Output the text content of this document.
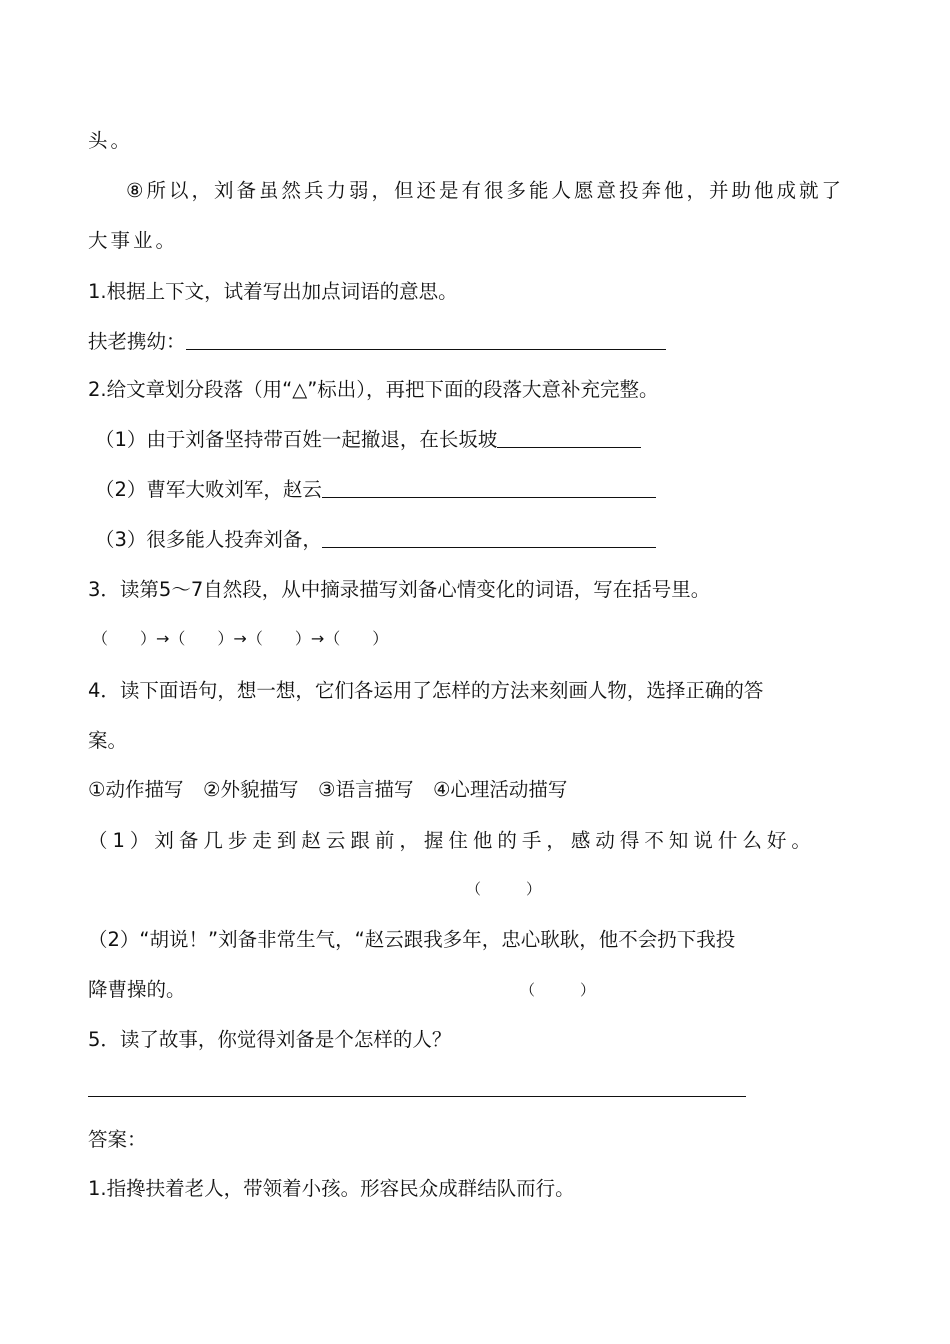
头。
⑧所以，刘备虽然兵力弱，但还是有很多能人愿意投奔他，并助他成就了
大事业。
1.根据上下文，试着写出加点词语的意思。
扶老携幼：
2.给文章划分段落（用“△”标出），再把下面的段落大意补充完整。
（1）由于刘备坚持带百姓一起撤退，在长坂坡
（2）曹军大败刘军，赵云
（3）很多能人投奔刘备，
3．读第5～7自然段，从中摘录描写刘备心情变化的词语，写在括号里。
（　　）→（　　）→（　　）→（　　）
4．读下面语句，想一想，它们各运用了怎样的方法来刻画人物，选择正确的答
案。
①动作描写　②外貌描写　③语言描写　④心理活动描写
（1）刘备几步走到赵云跟前，握住他的手，感动得不知说什么好。
（　　　）
（2）“胡说！”刘备非常生气，“赵云跟我多年，忠心耿耿，他不会扔下我投
降曹操的。	（　　　）
5．读了故事，你觉得刘备是个怎样的人？
答案：
1.指搀扶着老人，带领着小孩。形容民众成群结队而行。
